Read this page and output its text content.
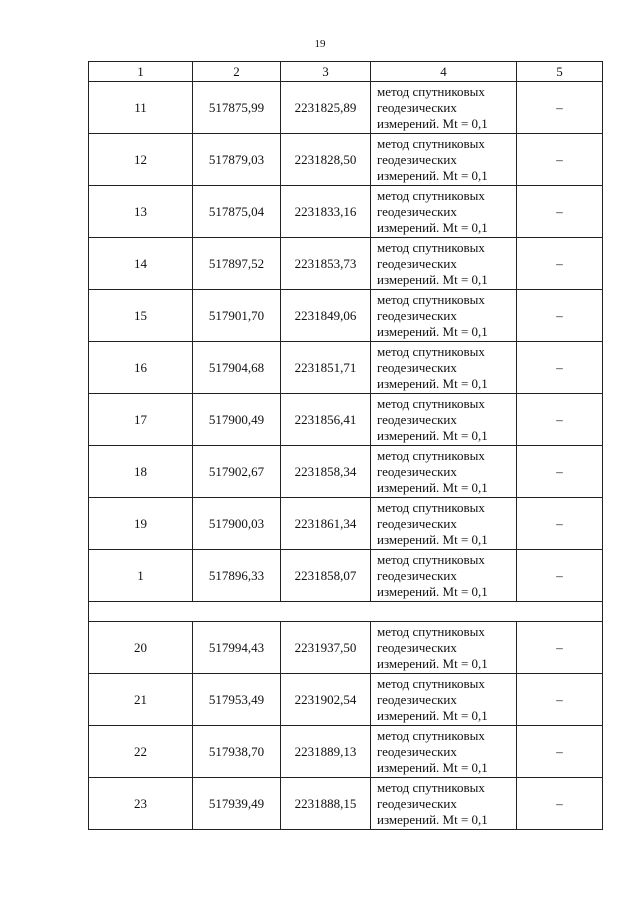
19
1	2	3	4	5
11	517875,99	2231825,89	метод спутниковых
геодезических
измерений. Mt = 0,1	–
12	517879,03	2231828,50	метод спутниковых
геодезических
измерений. Mt = 0,1	–
13	517875,04	2231833,16	метод спутниковых
геодезических
измерений. Mt = 0,1	–
14	517897,52	2231853,73	метод спутниковых
геодезических
измерений. Mt = 0,1	–
15	517901,70	2231849,06	метод спутниковых
геодезических
измерений. Mt = 0,1	–
16	517904,68	2231851,71	метод спутниковых
геодезических
измерений. Mt = 0,1	–
17	517900,49	2231856,41	метод спутниковых
геодезических
измерений. Mt = 0,1	–
18	517902,67	2231858,34	метод спутниковых
геодезических
измерений. Mt = 0,1	–
19	517900,03	2231861,34	метод спутниковых
геодезических
измерений. Mt = 0,1	–
1	517896,33	2231858,07	метод спутниковых
геодезических
измерений. Mt = 0,1	–

20	517994,43	2231937,50	метод спутниковых
геодезических
измерений. Mt = 0,1	–
21	517953,49	2231902,54	метод спутниковых
геодезических
измерений. Mt = 0,1	–
22	517938,70	2231889,13	метод спутниковых
геодезических
измерений. Mt = 0,1	–
23	517939,49	2231888,15	метод спутниковых
геодезических
измерений. Mt = 0,1	–
